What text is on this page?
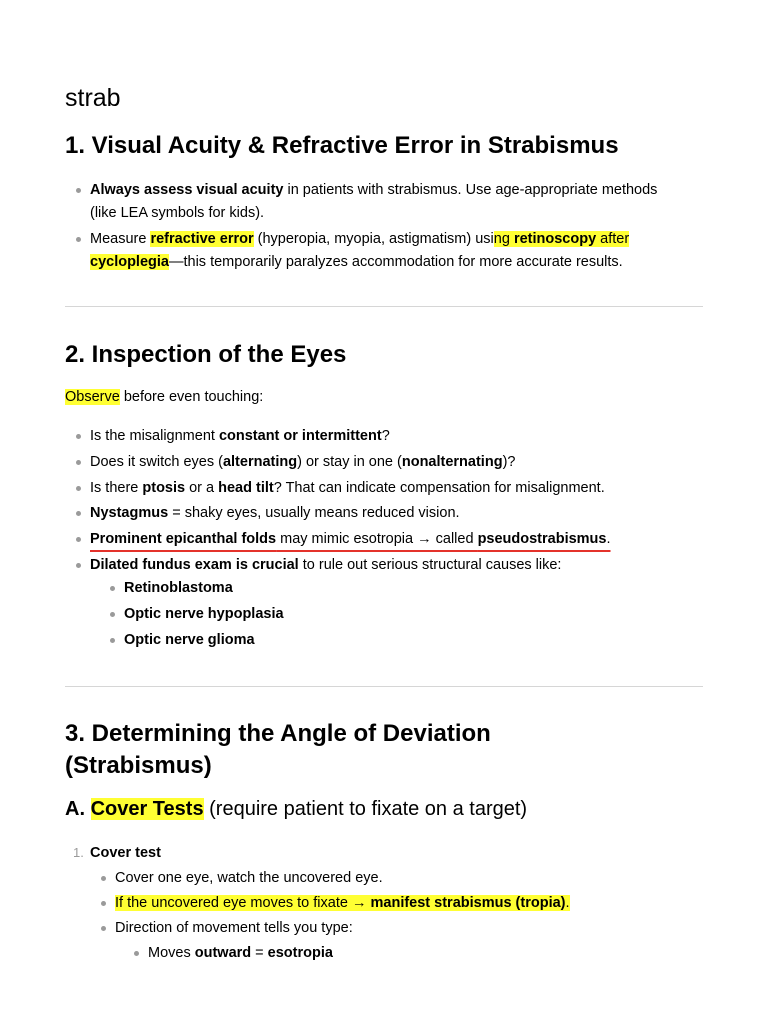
strab
1. Visual Acuity & Refractive Error in Strabismus
Always assess visual acuity in patients with strabismus. Use age-appropriate methods
(like LEA symbols for kids).
Measure refractive error (hyperopia, myopia, astigmatism) using retinoscopy after
cycloplegia—this temporarily paralyzes accommodation for more accurate results.
2. Inspection of the Eyes
Observe before even touching:
Is the misalignment constant or intermittent?
Does it switch eyes (alternating) or stay in one (nonalternating)?
Is there ptosis or a head tilt? That can indicate compensation for misalignment.
Nystagmus = shaky eyes, usually means reduced vision.
Prominent epicanthal folds may mimic esotropia → called pseudostrabismus.
Dilated fundus exam is crucial to rule out serious structural causes like:
Retinoblastoma
Optic nerve hypoplasia
Optic nerve glioma
3. Determining the Angle of Deviation
(Strabismus)
A. Cover Tests (require patient to fixate on a target)
1. Cover test
Cover one eye, watch the uncovered eye.
If the uncovered eye moves to fixate → manifest strabismus (tropia).
Direction of movement tells you type:
Moves outward = esotropia
